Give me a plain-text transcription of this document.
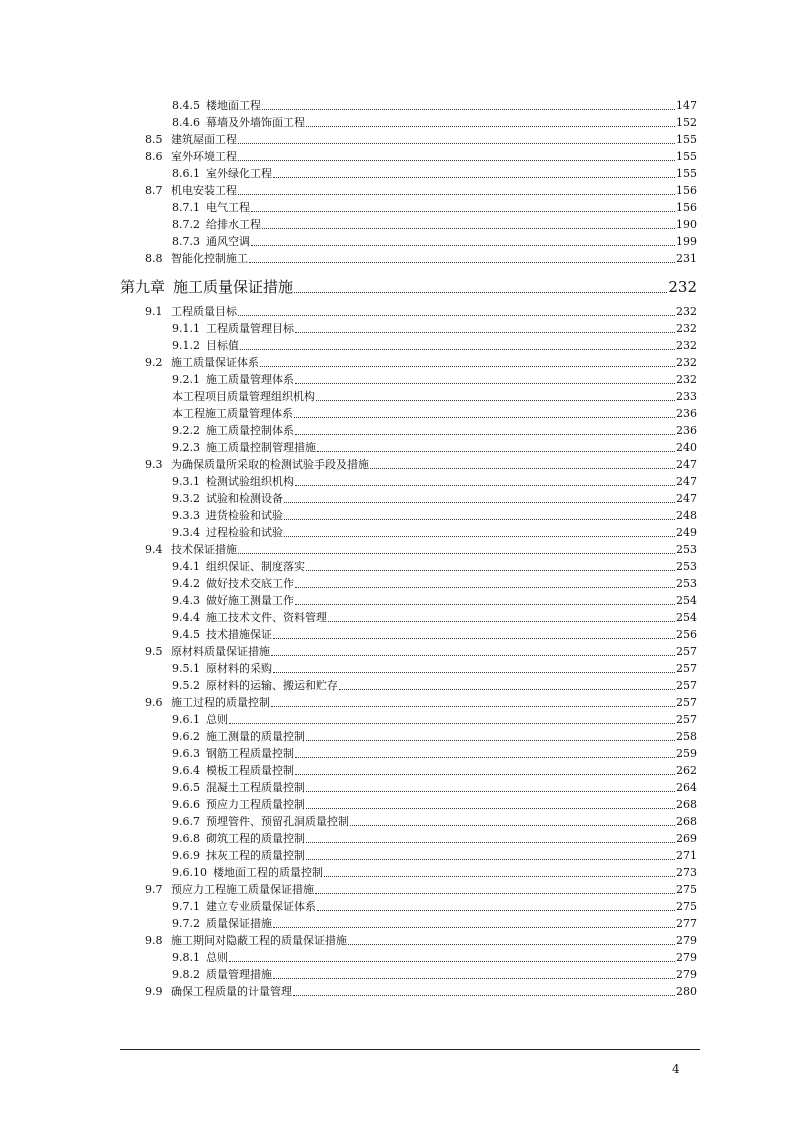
8.4.5 楼地面工程	147
8.4.6 幕墙及外墙饰面工程	152
8.5 建筑屋面工程	155
8.6 室外环境工程	155
8.6.1 室外绿化工程	155
8.7 机电安装工程	156
8.7.1 电气工程	156
8.7.2 给排水工程	190
8.7.3 通风空调	199
8.8 智能化控制施工	231
第九章 施工质量保证措施	232
9.1 工程质量目标	232
9.1.1 工程质量管理目标	232
9.1.2 目标值	232
9.2 施工质量保证体系	232
9.2.1 施工质量管理体系	232
本工程项目质量管理组织机构	233
本工程施工质量管理体系	236
9.2.2 施工质量控制体系	236
9.2.3 施工质量控制管理措施	240
9.3 为确保质量所采取的检测试验手段及措施	247
9.3.1 检测试验组织机构	247
9.3.2 试验和检测设备	247
9.3.3 进货检验和试验	248
9.3.4 过程检验和试验	249
9.4 技术保证措施	253
9.4.1 组织保证、制度落实	253
9.4.2 做好技术交底工作	253
9.4.3 做好施工测量工作	254
9.4.4 施工技术文件、资料管理	254
9.4.5 技术措施保证	256
9.5 原材料质量保证措施	257
9.5.1 原材料的采购	257
9.5.2 原材料的运输、搬运和贮存	257
9.6 施工过程的质量控制	257
9.6.1 总则	257
9.6.2 施工测量的质量控制	258
9.6.3 钢筋工程质量控制	259
9.6.4 模板工程质量控制	262
9.6.5 混凝土工程质量控制	264
9.6.6 预应力工程质量控制	268
9.6.7 预埋管件、预留孔洞质量控制	268
9.6.8 砌筑工程的质量控制	269
9.6.9 抹灰工程的质量控制	271
9.6.10 楼地面工程的质量控制	273
9.7 预应力工程施工质量保证措施	275
9.7.1 建立专业质量保证体系	275
9.7.2 质量保证措施	277
9.8 施工期间对隐蔽工程的质量保证措施	279
9.8.1 总则	279
9.8.2 质量管理措施	279
9.9 确保工程质量的计量管理	280
4
